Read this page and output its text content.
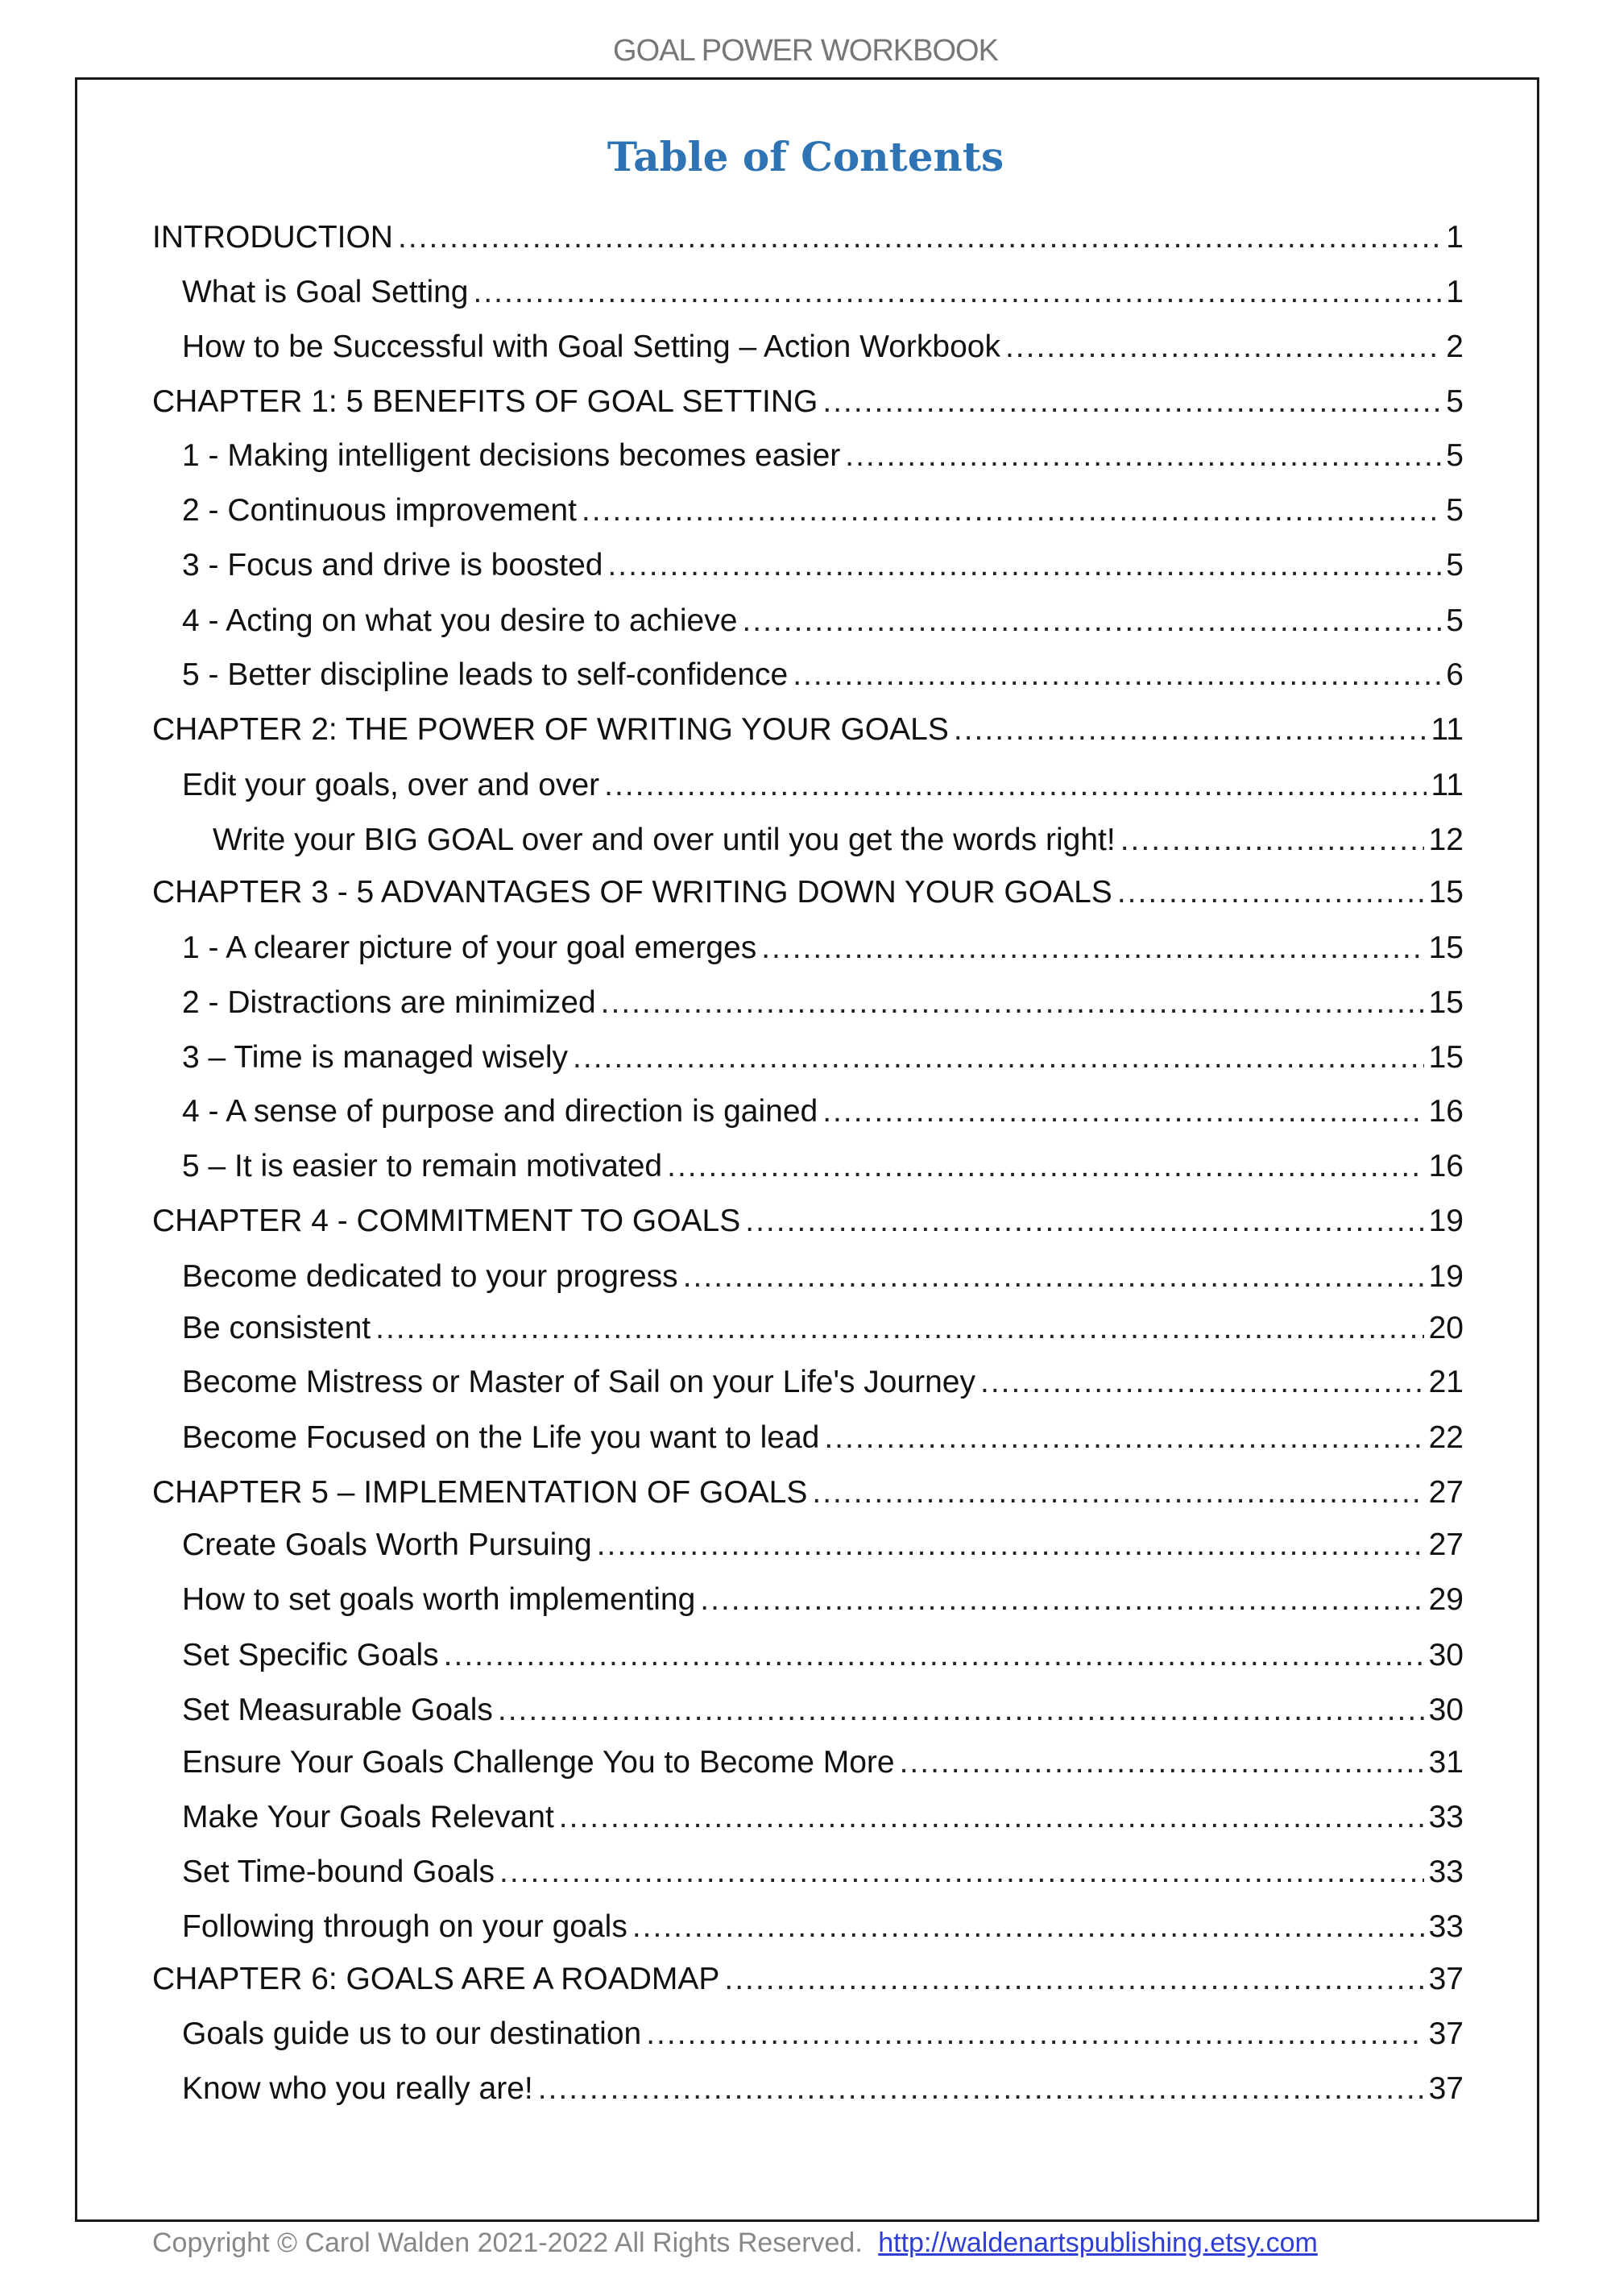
GOAL POWER WORKBOOK
Table of Contents
INTRODUCTION .....	1
What is Goal Setting .....	1
How to be Successful with Goal Setting – Action Workbook .....	2
CHAPTER 1: 5 BENEFITS OF GOAL SETTING .....	5
1 - Making intelligent decisions becomes easier .....	5
2 - Continuous improvement .....	5
3 - Focus and drive is boosted .....	5
4 - Acting on what you desire to achieve .....	5
5 - Better discipline leads to self-confidence .....	6
CHAPTER 2: THE POWER OF WRITING YOUR GOALS .....	11
Edit your goals, over and over .....	11
Write your BIG GOAL over and over until you get the words right! .....	12
CHAPTER 3 - 5 ADVANTAGES OF WRITING DOWN YOUR GOALS .....	15
1 - A clearer picture of your goal emerges .....	15
2 - Distractions are minimized .....	15
3 – Time is managed wisely .....	15
4 - A sense of purpose and direction is gained .....	16
5 – It is easier to remain motivated .....	16
CHAPTER 4 - COMMITMENT TO GOALS .....	19
Become dedicated to your progress .....	19
Be consistent .....	20
Become Mistress or Master of Sail on your Life's Journey .....	21
Become Focused on the Life you want to lead .....	22
CHAPTER 5 – IMPLEMENTATION OF GOALS .....	27
Create Goals Worth Pursuing .....	27
How to set goals worth implementing .....	29
Set Specific Goals .....	30
Set Measurable Goals .....	30
Ensure Your Goals Challenge You to Become More .....	31
Make Your Goals Relevant .....	33
Set Time-bound Goals .....	33
Following through on your goals .....	33
CHAPTER 6: GOALS ARE A ROADMAP .....	37
Goals guide us to our destination .....	37
Know who you really are! .....	37
Copyright © Carol Walden 2021-2022 All Rights Reserved. http://waldenartspublishing.etsy.com
